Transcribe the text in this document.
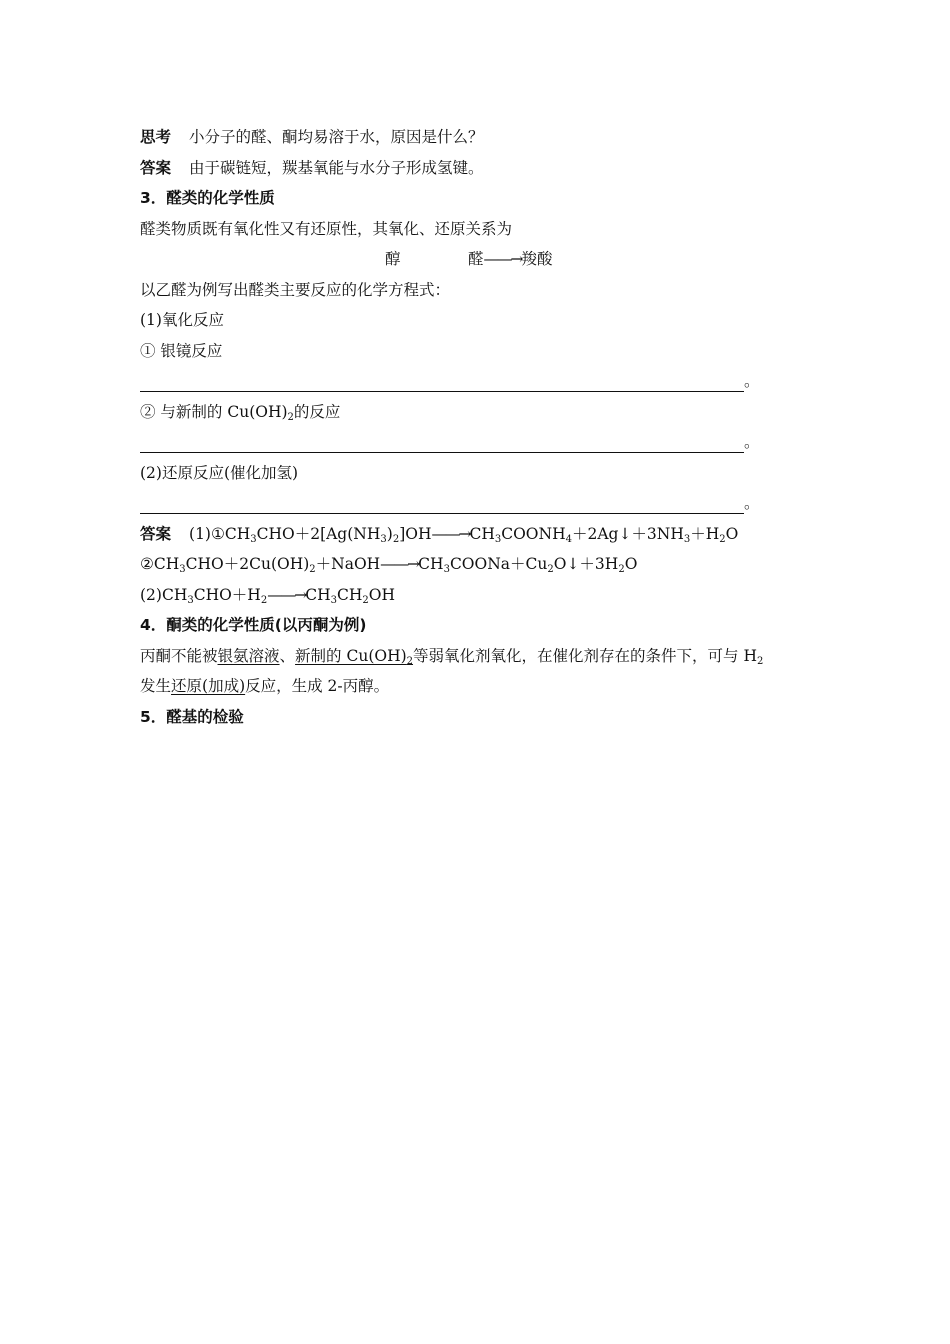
思考 小分子的醛、酮均易溶于水，原因是什么？
答案 由于碳链短，羰基氧能与水分子形成氢键。
3．醛类的化学性质
醛类物质既有氧化性又有还原性，其氧化、还原关系为
醇	醛——→羧酸
以乙醛为例写出醛类主要反应的化学方程式：
(1)氧化反应
① 银镜反应
。
② 与新制的 $Cu(OH)_2$的反应
。
(2)还原反应(催化加氢)
。
答案 $(1)①CH_3CHO+2[Ag(NH_3)_2]OH——\to CH_3COONH_4+2Ag↓+3NH_3+H_2O$
$②CH_3CHO+2Cu(OH)_2+NaOH——\to CH_3COONa+Cu_2O↓+3H_2O$
$(2)CH_3CHO+H_2——\to CH_3CH_2OH$
4．酮类的化学性质(以丙酮为例)
丙酮不能被银氨溶液、新制的 $Cu(OH)_2$等弱氧化剂氧化，在催化剂存在的条件下，可与 $H_2$
发生还原(加成)反应，生成 2-丙醇。
5．醛基的检验
